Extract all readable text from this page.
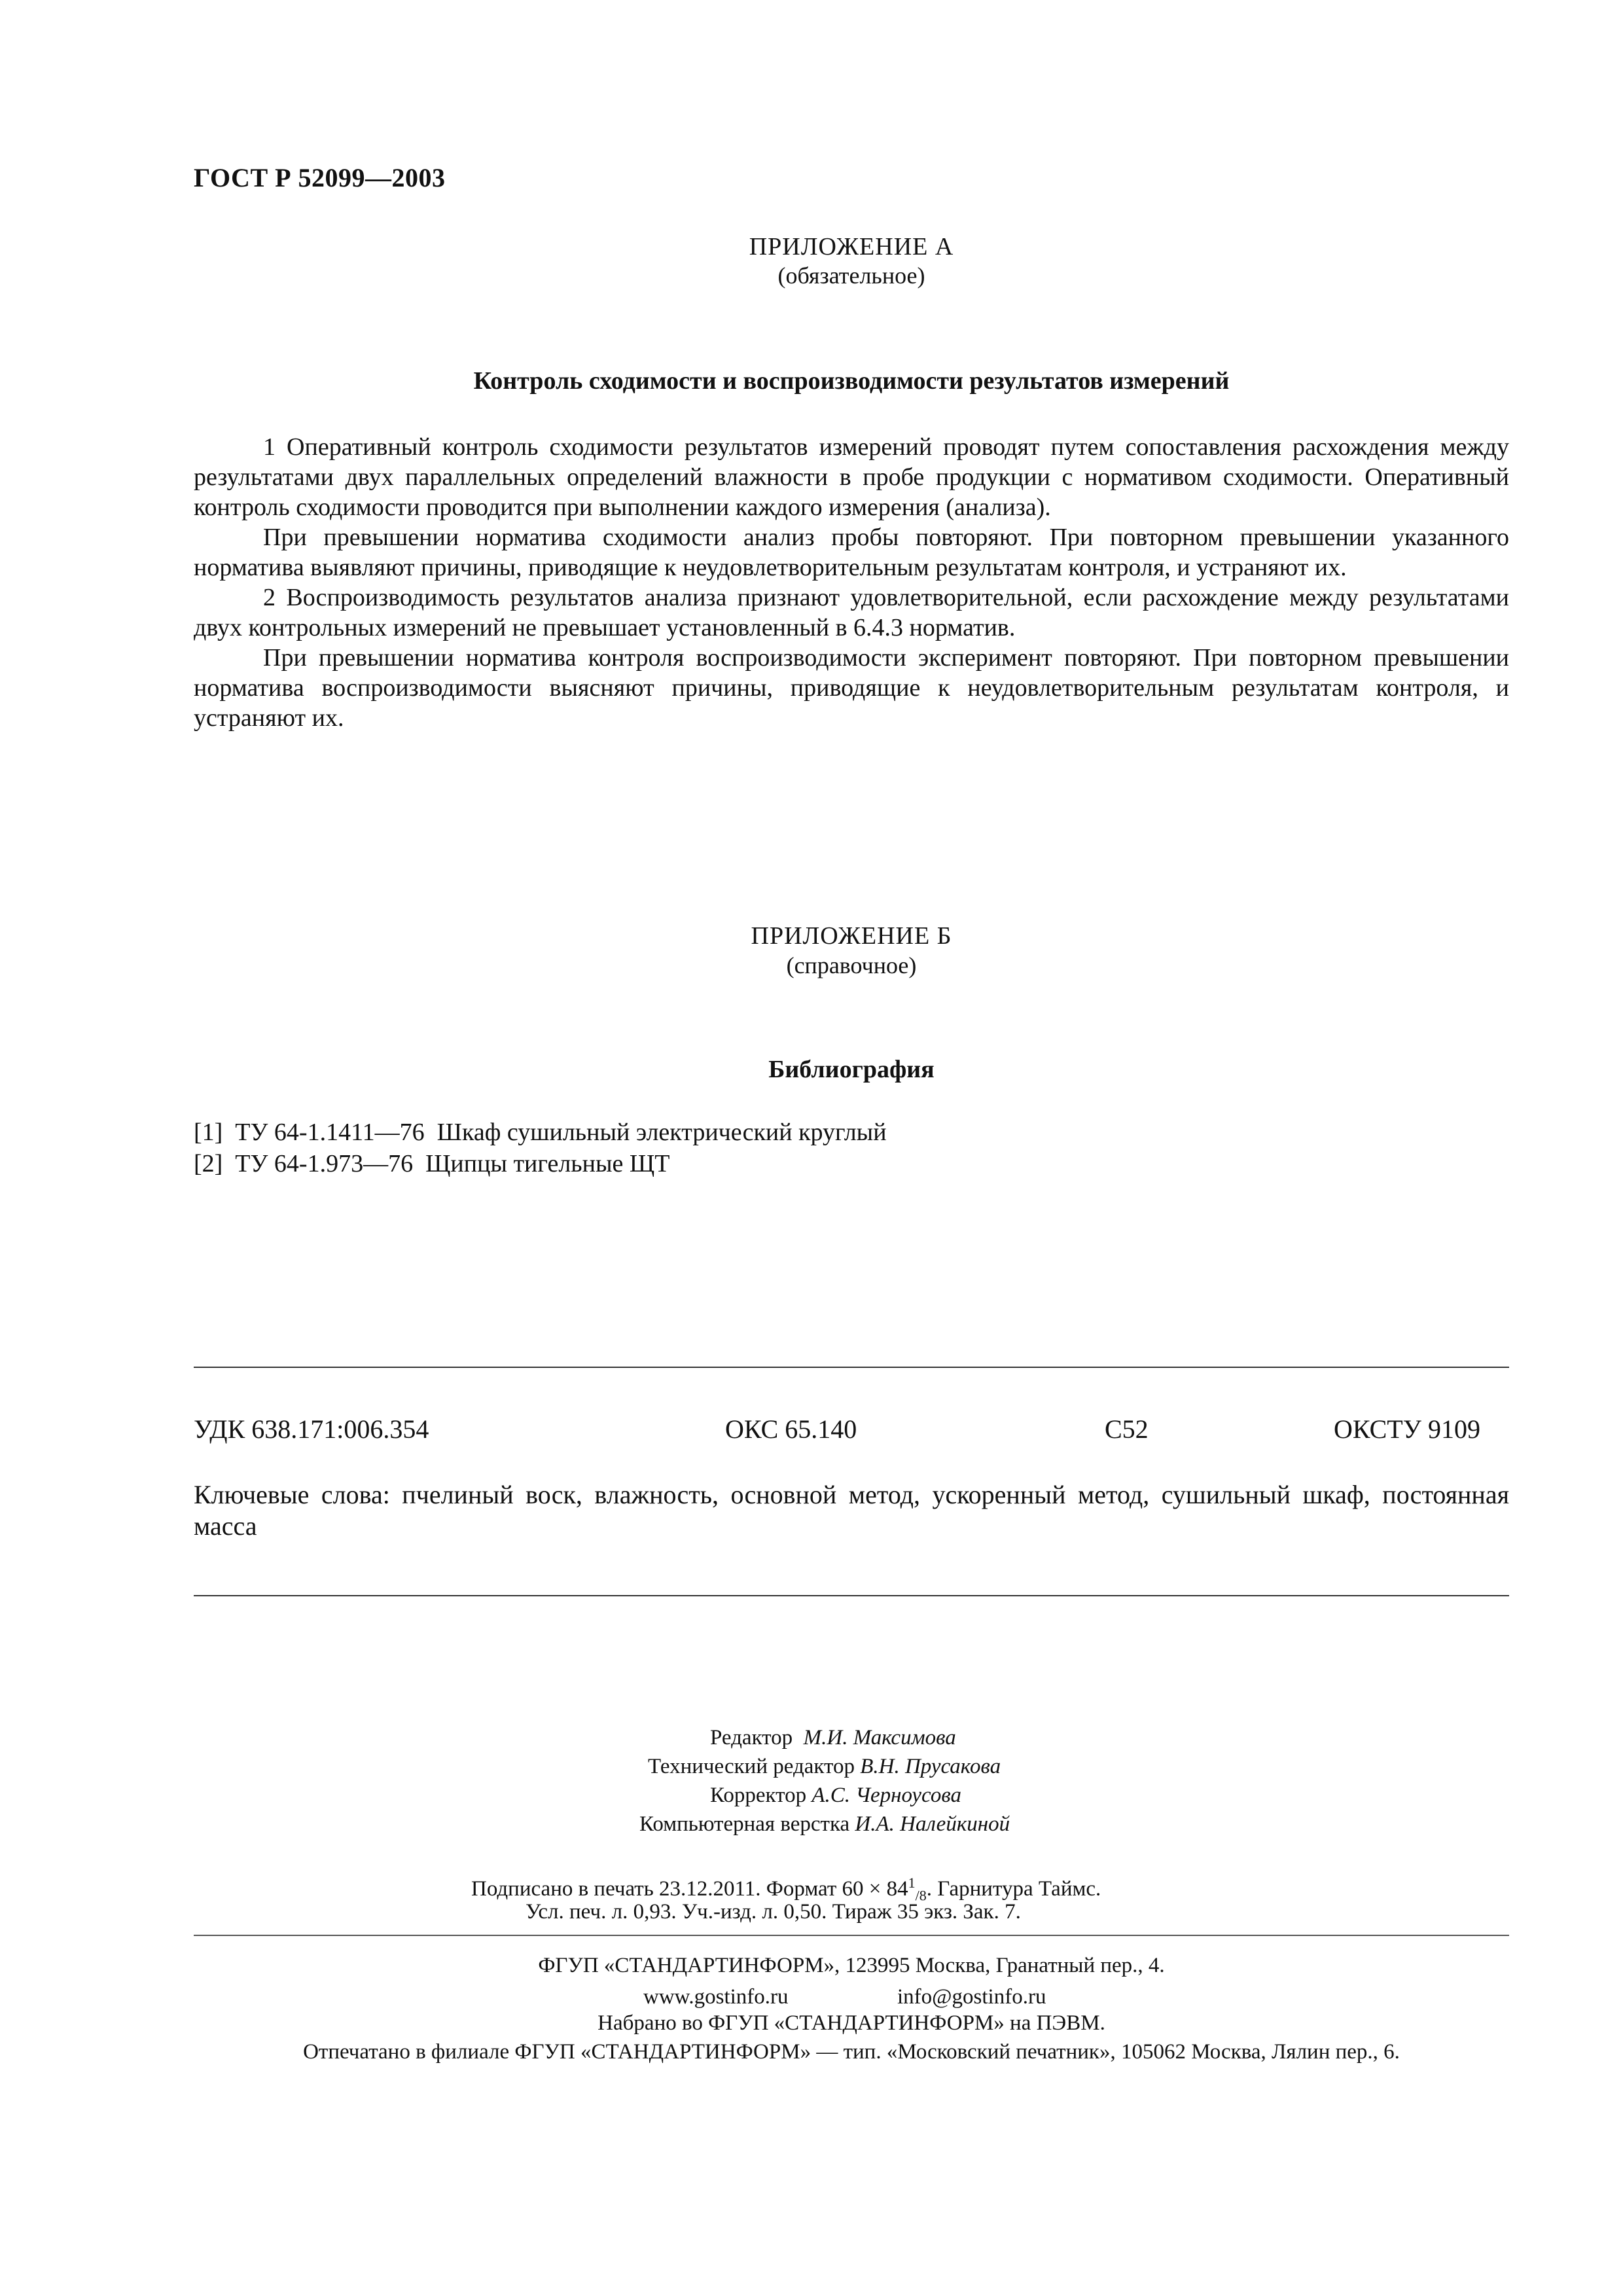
ГОСТ Р 52099—2003
ПРИЛОЖЕНИЕ А
(обязательное)
Контроль сходимости и воспроизводимости результатов измерений

1 Оперативный контроль сходимости результатов измерений проводят путем сопоставления расхождения между результатами двух параллельных определений влажности в пробе продукции с нормативом сходимости. Оперативный контроль сходимости проводится при выполнении каждого измерения (анализа).

При превышении норматива сходимости анализ пробы повторяют. При повторном превышении указанного норматива выявляют причины, приводящие к неудовлетворительным результатам контроля, и устраняют их.

2 Воспроизводимость результатов анализа признают удовлетворительной, если расхождение между результатами двух контрольных измерений не превышает установленный в 6.4.3 норматив.

При превышении норматива контроля воспроизводимости эксперимент повторяют. При повторном превышении норматива воспроизводимости выясняют причины, приводящие к неудовлетворительным результатам контроля, и устраняют их.

ПРИЛОЖЕНИЕ Б
(справочное)
Библиография
[1]  ТУ 64-1.1411—76  Шкаф сушильный электрический круглый
[2]  ТУ 64-1.973—76  Щипцы тигельные ЩТ
УДК 638.171:006.354	ОКС 65.140	С52	ОКСТУ 9109
Ключевые слова: пчелиный воск, влажность, основной метод, ускоренный метод, сушильный шкаф, постоянная масса
Редактор М.И. Максимова
Технический редактор В.Н. Прусакова
Корректор А.С. Черноусова
Компьютерная верстка И.А. Налейкиной
Подписано в печать 23.12.2011. Формат $60 \times 84^1_{/8}$. Гарнитура Таймс.
Усл. печ. л. 0,93. Уч.-изд. л. 0,50. Тираж 35 экз. Зак. 7.
ФГУП «СТАНДАРТИНФОРМ», 123995 Москва, Гранатный пер., 4.
www.gostinfo.ru	info@gostinfo.ru
Набрано во ФГУП «СТАНДАРТИНФОРМ» на ПЭВМ.
Отпечатано в филиале ФГУП «СТАНДАРТИНФОРМ» — тип. «Московский печатник», 105062 Москва, Лялин пер., 6.
